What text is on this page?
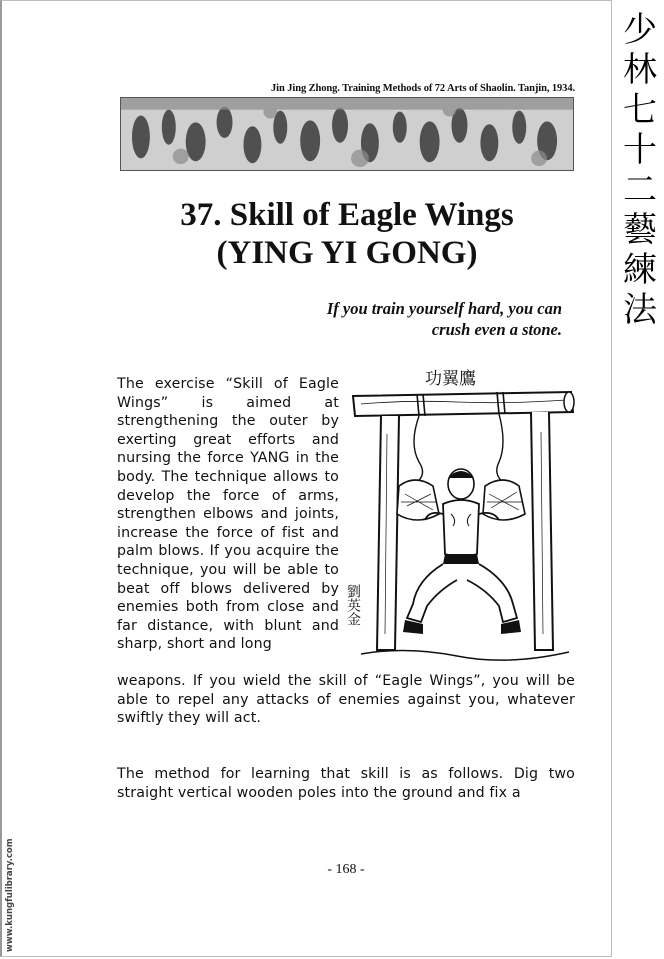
少
林
七
十
二
藝
練
法
Jin Jing Zhong. Training Methods of 72 Arts of Shaolin. Tanjin, 1934.
37. Skill of Eagle Wings
(YING YI GONG)
If you train yourself hard, you can
crush even a stone.
功翼鷹
劉英金
The exercise “Skill of Eagle Wings” is aimed at strengthening the outer by exerting great efforts and nursing the force YANG in the body. The technique allows to develop the force of arms, strengthen elbows and joints, increase the force of fist and palm blows. If you acquire the technique, you will be able to beat off blows delivered by enemies both from close and far distance, with blunt and sharp, short and long
weapons. If you wield the skill of “Eagle Wings”, you will be able to repel any attacks of enemies against you, whatever swiftly they will act.
The method for learning that skill is as follows. Dig two straight vertical wooden poles into the ground and fix a
- 168 -
www.kungfulibrary.com
